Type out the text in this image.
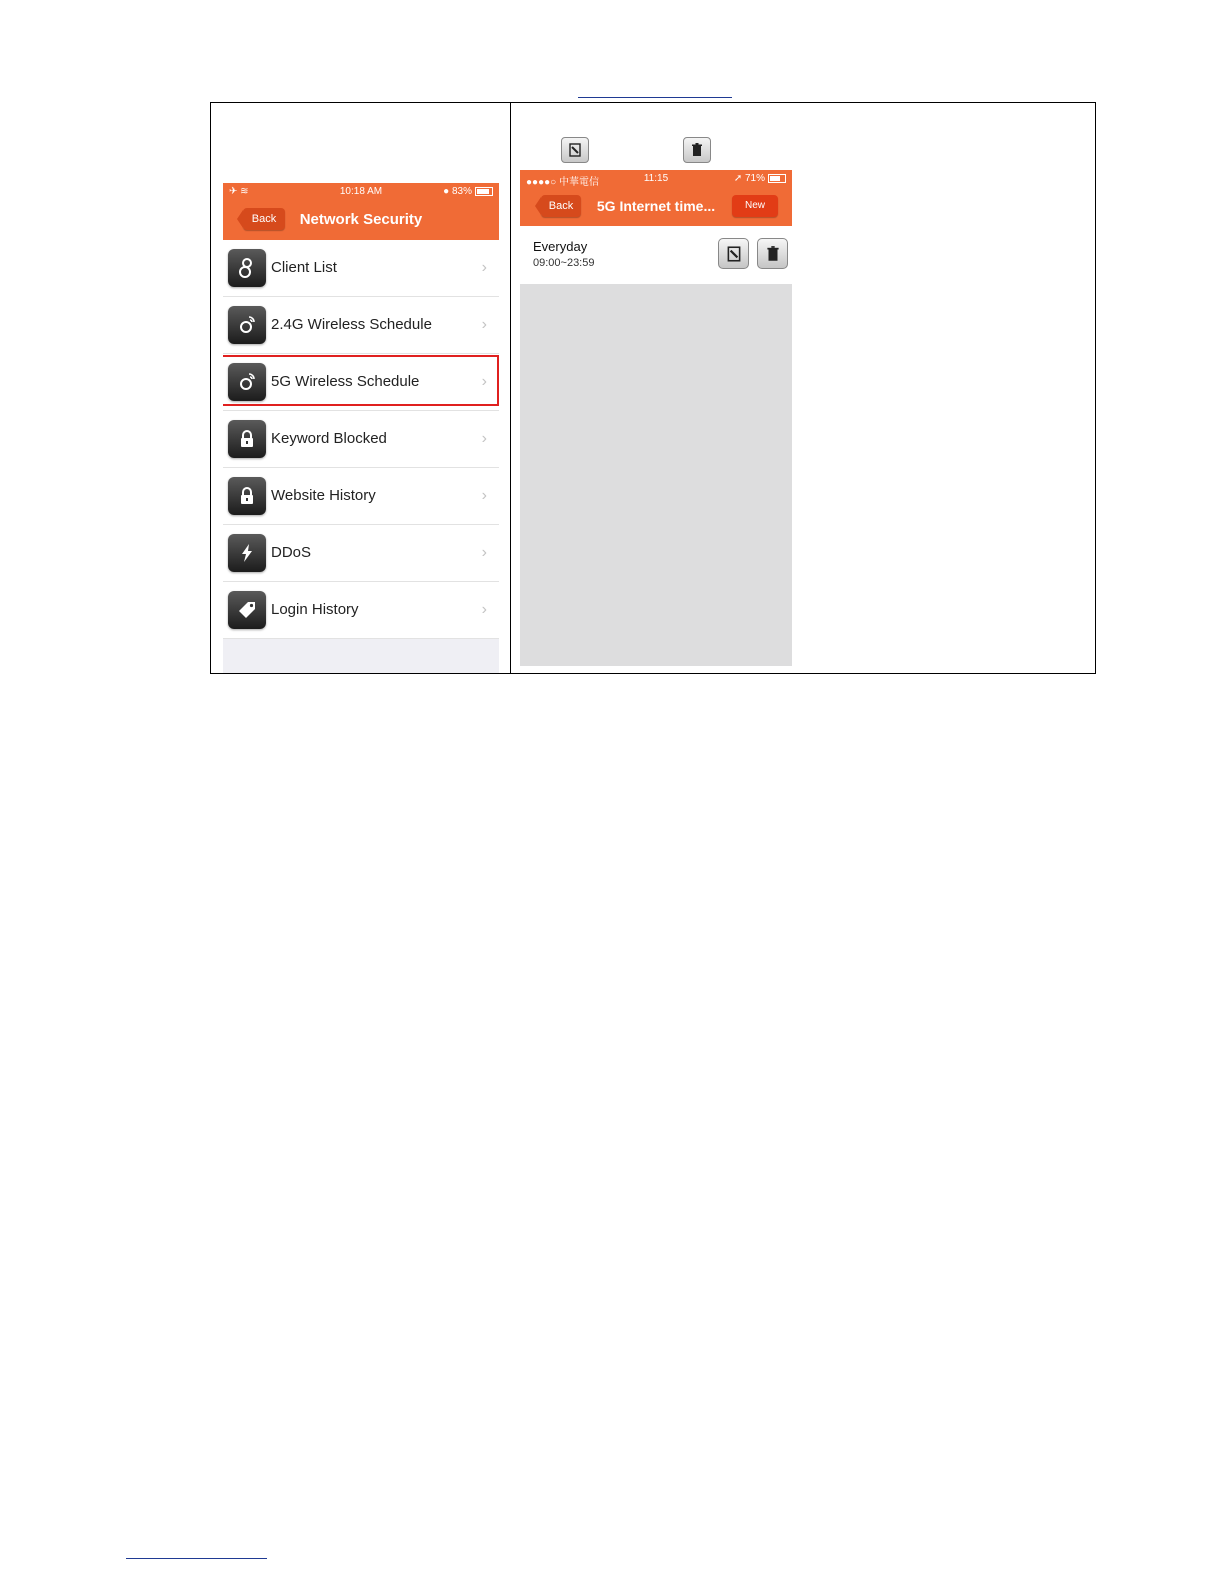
✈ ≋	10:18 AM	● 83%
Back	Network Security
Client List	›
2.4G Wireless Schedule	›
5G Wireless Schedule	›
Keyword Blocked	›
Website History	›
DDoS	›
Login History	›
●●●●○ 中華電信	11:15	➚ 71%
Back	5G Internet time...	New
Everyday
09:00~23:59
